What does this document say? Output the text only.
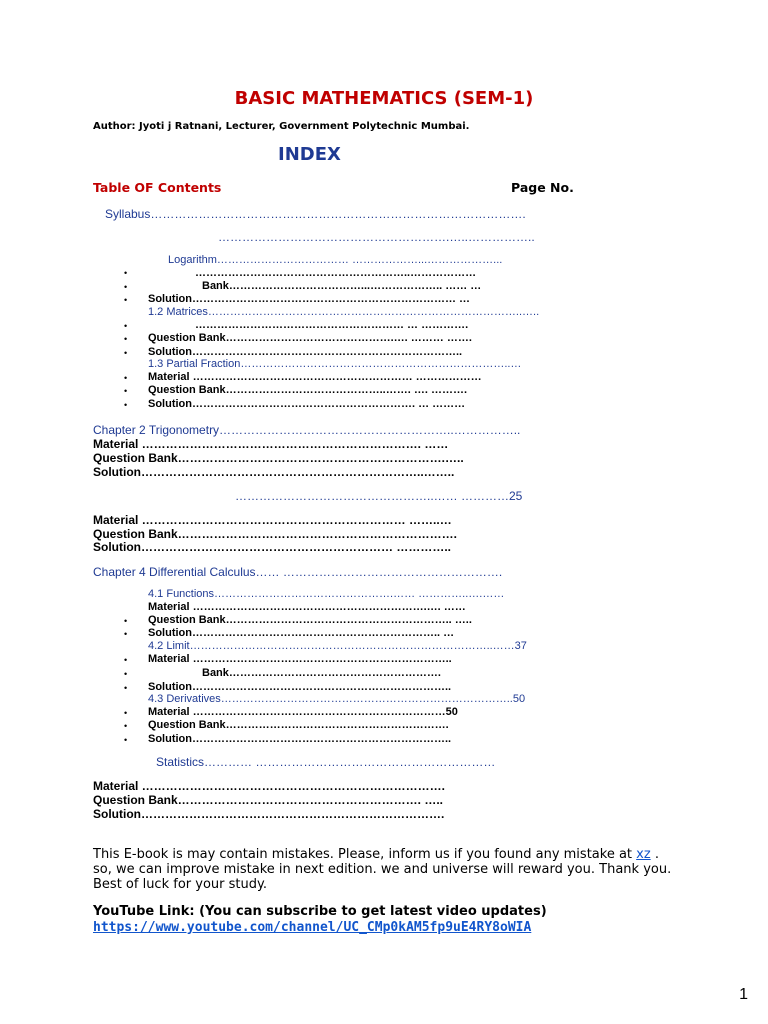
BASIC MATHEMATICS (SEM-1)
Author: Jyoti j Ratnani, Lecturer, Government Polytechnic Mumbai.
INDEX
Table OF Contents	Page No.
Syllabus………………………………………………………………………………….
………………………………………………….…..……………..
Logarithm……………………………… ………………...………………...
•	…………………………………………………..………………
•	Bank………………………………...……………….. …… …
• Solution……………………………………………………………… …
1.2 Matrices…………………………………………………………………………..…..
•	………………………………………………… … ………….
• Question Bank……………………………………….…. ……… …….
• Solution………………………………………………………………..
1.3 Partial Fraction………………………………………………………………..…
• Material …………………………………………………… ………………
• Question Bank……………………………………..……. …. ……….
• Solution……………………………………………………. … ………
Chapter 2 Trigonometry…………………………………………………..……………..
Material ……………………………………………………………. ……
Question Bank………………………………………………………….…..
Solution……………………………………………………………..……..
…………………………………………..…… …………25
Material ………………………………………………………… ……..…
Question Bank…………………………………………………………….
Solution……………………………………………………… …………..
Chapter 4 Differential Calculus…… ……………………………………………….
4.1 Functions………………………………………….…… …………..….……
Material ……………………………………………………….…. ……
• Question Bank…………………………………………………….. …..
• Solution………………………………………………………….. …
4.2 Limit………………………………………………………………………..……37
• Material ……………………………………………………………..
•	Bank………………………………………………….
• Solution……………………………………………………………..
4.3 Derivatives……………………………………………………………………..50
• Material ……………………………………………………………50
• Question Bank…………………………………………………….
• Solution……………………………………………………………..
Statistics………… ……………………………………………………
Material ………………………………………………………………….
Question Bank……………………………………………………. …..
Solution………………………………………………………………….
This E-book is may contain mistakes. Please, inform us if you found any mistake at xz .
so, we can improve mistake in next edition. we and universe will reward you. Thank you.
Best of luck for your study.
YouTube Link: (You can subscribe to get latest video updates)
https://www.youtube.com/channel/UC_CMp0kAM5fp9uE4RY8oWIA
1
